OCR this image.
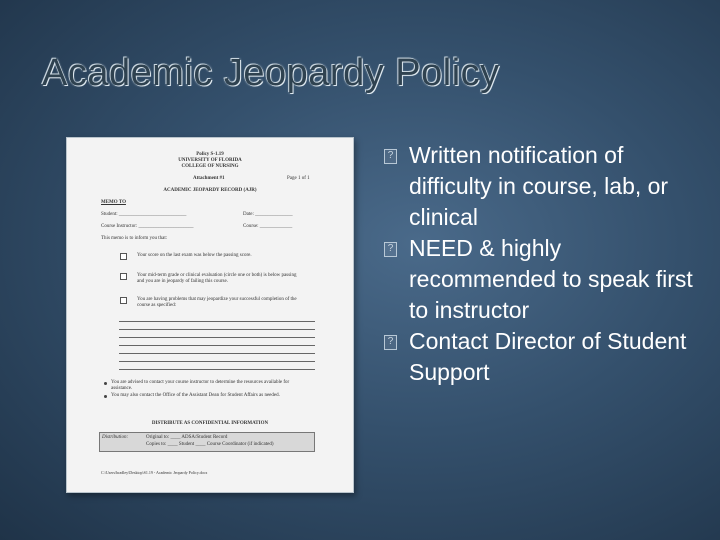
Academic Jeopardy Policy
Policy S-1.19
UNIVERSITY OF FLORIDA
COLLEGE OF NURSING
Attachment #1	Page 1 of 1
ACADEMIC JEOPARDY RECORD (AJR)
MEMO TO
Student: ___________________________	Date: _______________
Course Instructor: ______________________	Course: _____________
This memo is to inform you that:
Your score on the last exam was below the passing score.
Your mid-term grade or clinical evaluation (circle one or both) is below passing
and you are in jeopardy of failing this course.
You are having problems that may jeopardize your successful completion of the
course as specified:
You are advised to contact your course instructor to determine the resources available for
assistance.
You may also contact the Office of the Assistant Dean for Student Affairs as needed.
DISTRIBUTE AS CONFIDENTIAL INFORMATION
Distribution:	Original to: ____ ADSA/Student Record
Copies to: ____ Student ____ Course Coordinator (if indicated)
C:\Users\bradley\Desktop\S1.19 - Academic Jeopardy Policy.docx
? Written notification of difficulty in course, lab, or clinical
? NEED & highly recommended to speak first to instructor
? Contact Director of Student Support
